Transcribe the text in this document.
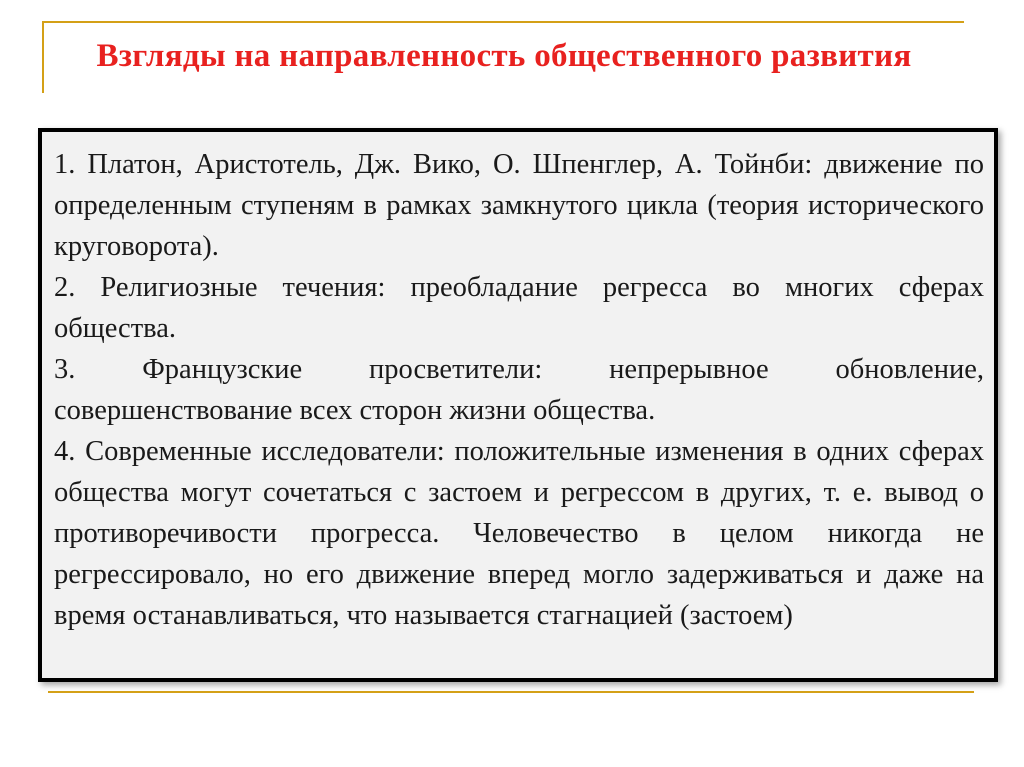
Взгляды на направленность общественного развития

1. Платон, Аристотель, Дж. Вико, О. Шпенглер, А. Тойнби: движение по определенным ступеням в рамках замкнутого цикла (теория исторического круговорота).

2. Религиозные течения: преобладание регресса во многих сферах общества.

3. Французские просветители: непрерывное обновление, совершенствование всех сторон жизни общества.

4. Современные исследователи: положительные изменения в одних сферах общества могут сочетаться с застоем и регрессом в других, т. е. вывод о противоречивости прогресса. Человечество в целом никогда не регрессировало, но его движение вперед могло задерживаться и даже на время останавливаться, что называется стагнацией (застоем)
